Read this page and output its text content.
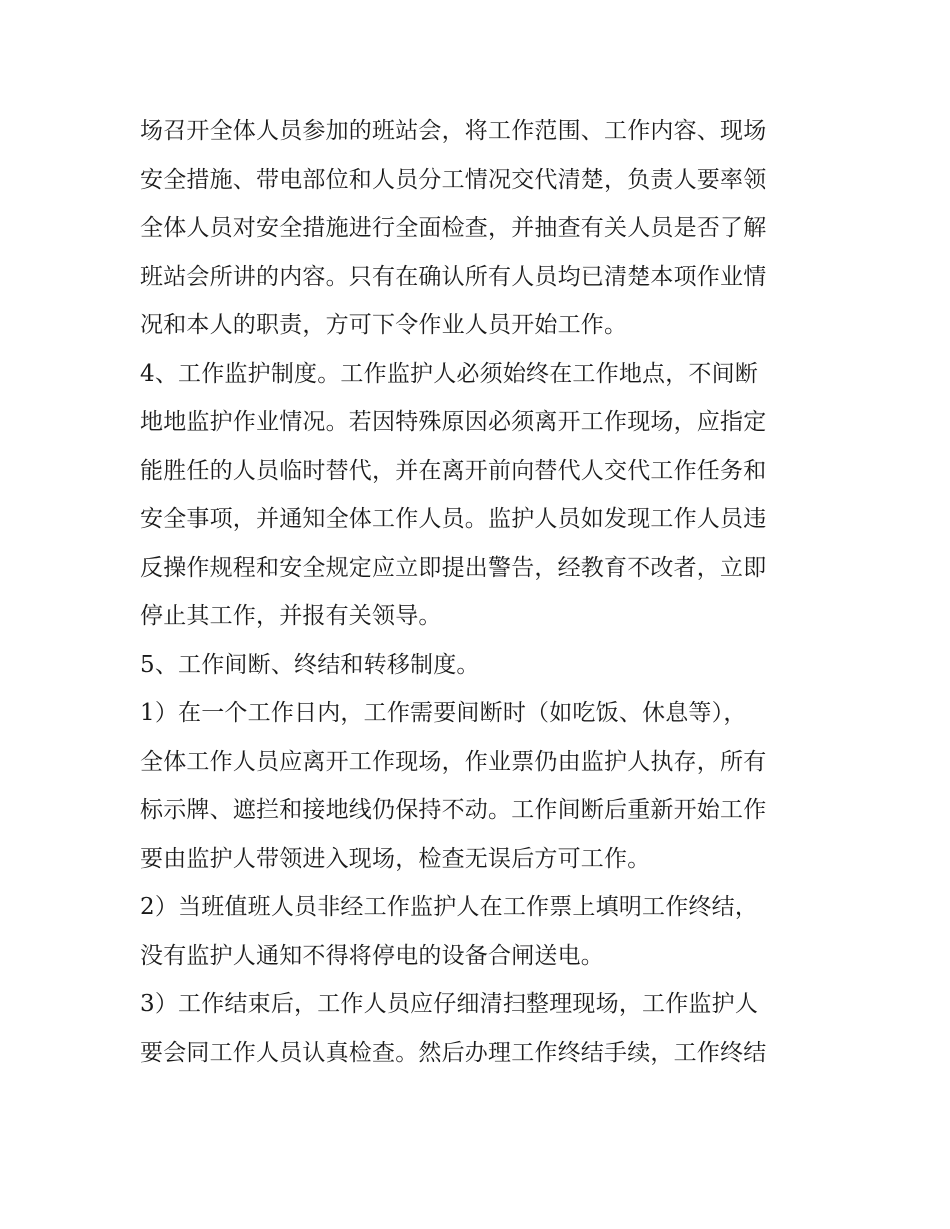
场召开全体人员参加的班站会，将工作范围、工作内容、现场
安全措施、带电部位和人员分工情况交代清楚，负责人要率领
全体人员对安全措施进行全面检查，并抽查有关人员是否了解
班站会所讲的内容。只有在确认所有人员均已清楚本项作业情
况和本人的职责，方可下令作业人员开始工作。
4、工作监护制度。工作监护人必须始终在工作地点，不间断
地地监护作业情况。若因特殊原因必须离开工作现场，应指定
能胜任的人员临时替代，并在离开前向替代人交代工作任务和
安全事项，并通知全体工作人员。监护人员如发现工作人员违
反操作规程和安全规定应立即提出警告，经教育不改者，立即
停止其工作，并报有关领导。
5、工作间断、终结和转移制度。
1）在一个工作日内，工作需要间断时（如吃饭、休息等），
全体工作人员应离开工作现场，作业票仍由监护人执存，所有
标示牌、遮拦和接地线仍保持不动。工作间断后重新开始工作
要由监护人带领进入现场，检查无误后方可工作。
2）当班值班人员非经工作监护人在工作票上填明工作终结，
没有监护人通知不得将停电的设备合闸送电。
3）工作结束后，工作人员应仔细清扫整理现场，工作监护人
要会同工作人员认真检查。然后办理工作终结手续，工作终结
